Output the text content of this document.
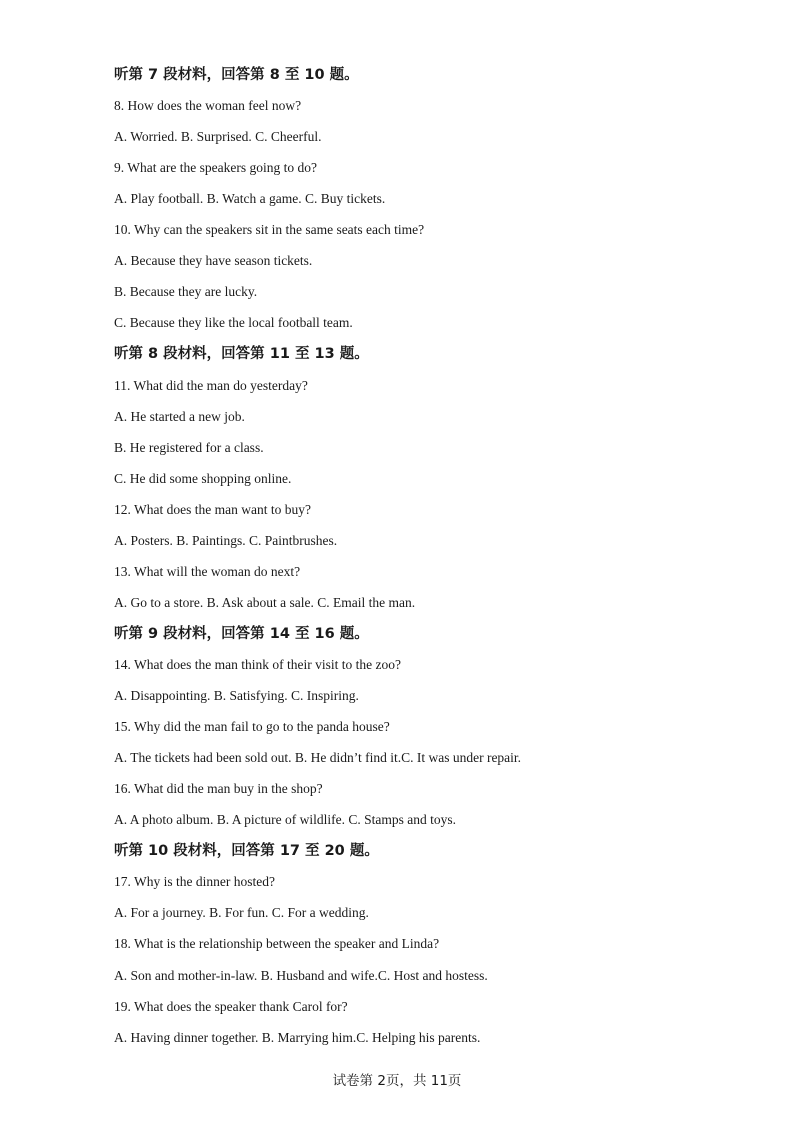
听第 7 段材料，回答第 8 至 10 题。
8. How does the woman feel now?
A. Worried. B. Surprised. C. Cheerful.
9. What are the speakers going to do?
A. Play football. B. Watch a game. C. Buy tickets.
10. Why can the speakers sit in the same seats each time?
A. Because they have season tickets.
B. Because they are lucky.
C. Because they like the local football team.
听第 8 段材料，回答第 11 至 13 题。
11. What did the man do yesterday?
A. He started a new job.
B. He registered for a class.
C. He did some shopping online.
12. What does the man want to buy?
A. Posters. B. Paintings. C. Paintbrushes.
13. What will the woman do next?
A. Go to a store. B. Ask about a sale. C. Email the man.
听第 9 段材料，回答第 14 至 16 题。
14. What does the man think of their visit to the zoo?
A. Disappointing. B. Satisfying. C. Inspiring.
15. Why did the man fail to go to the panda house?
A. The tickets had been sold out. B. He didn’t find it.C. It was under repair.
16. What did the man buy in the shop?
A. A photo album. B. A picture of wildlife. C. Stamps and toys.
听第 10 段材料，回答第 17 至 20 题。
17. Why is the dinner hosted?
A. For a journey. B. For fun. C. For a wedding.
18. What is the relationship between the speaker and Linda?
A. Son and mother-in-law. B. Husband and wife.C. Host and hostess.
19. What does the speaker thank Carol for?
A. Having dinner together. B. Marrying him.C. Helping his parents.
试卷第 2页，共 11页
